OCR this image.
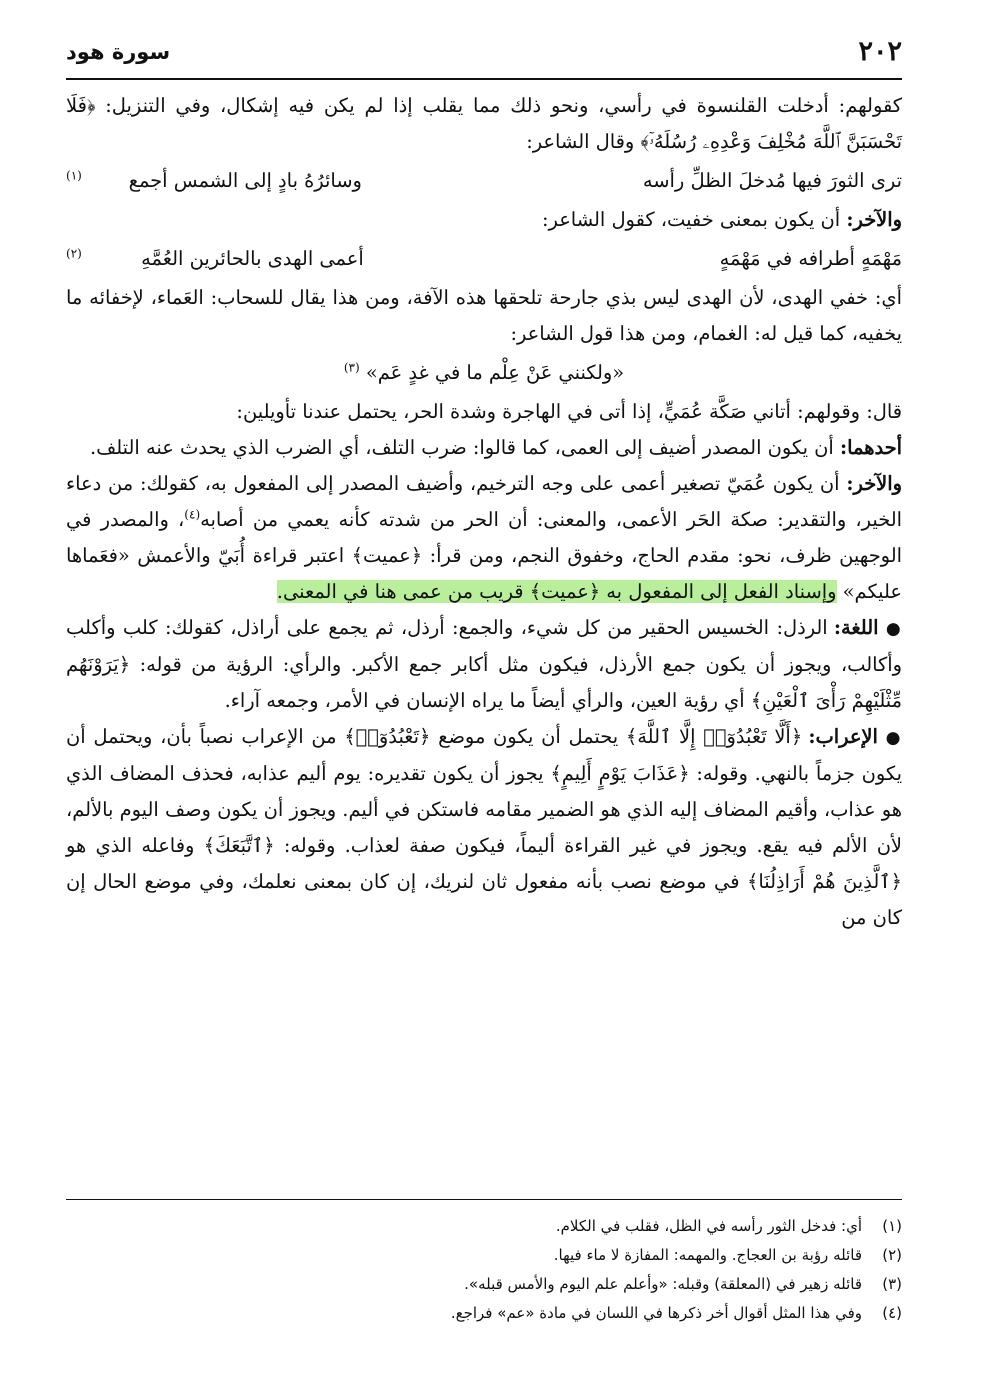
٢٠٢
سورة هود

كقولهم: أدخلت القلنسوة في رأسي، ونحو ذلك مما يقلب إذا لم يكن فيه إشكال، وفي التنزيل: ﴿فَلَا تَحْسَبَنَّ ٱللَّهَ مُخْلِفَ وَعْدِهِۦ رُسُلَهُۥٓ﴾ وقال الشاعر:

ترى الثورَ فيها مُدخلَ الظلِّ رأسه      وسائرُهُ بادٍ إلى الشمس أجمع $^{(١)}$

والآخر: أن يكون بمعنى خفيت، كقول الشاعر:

مَهْمَهٍ أطرافه في مَهْمَهٍ      أعمى الهدى بالحائرين العُمَّهِ $^{(٢)}$

أي: خفي الهدى، لأن الهدى ليس بذي جارحة تلحقها هذه الآفة، ومن هذا يقال للسحاب: العَماء، لإخفائه ما يخفيه، كما قيل له: الغمام، ومن هذا قول الشاعر:

«ولكنني عَنْ عِلْم ما في غدٍ عَم» $^{(٣)}$

قال: وقولهم: أتاني صَكَّة عُمَيٍّ، إذا أتى في الهاجرة وشدة الحر، يحتمل عندنا تأويلين:

أحدهما: أن يكون المصدر أضيف إلى العمى، كما قالوا: ضرب التلف، أي الضرب الذي يحدث عنه التلف.

والآخر: أن يكون عُمَيّ تصغير أعمى على وجه الترخيم، وأضيف المصدر إلى المفعول به، كقولك: من دعاء الخير، والتقدير: صكة الحَر الأعمى، والمعنى: أن الحر من شدته كأنه يعمي من أصابه$^{(٤)}$، والمصدر في الوجهين ظرف، نحو: مقدم الحاج، وخفوق النجم، ومن قرأ: ﴿عميت﴾ اعتبر قراءة أُبَيّ والأعمش «فعَماها عليكم» وإسناد الفعل إلى المفعول به ﴿عميت﴾ قريب من عمى هنا في المعنى.

● اللغة: الرذل: الخسيس الحقير من كل شيء، والجمع: أرذل، ثم يجمع على أراذل، كقولك: كلب وأكلب وأكالب، ويجوز أن يكون جمع الأرذل، فيكون مثل أكابر جمع الأكبر. والرأي: الرؤية من قوله: ﴿يَرَوْنَهُم مِّثْلَيْهِمْ رَأْىَ ٱلْعَيْنِ﴾ أي رؤية العين، والرأي أيضاً ما يراه الإنسان في الأمر، وجمعه آراء.

● الإعراب: ﴿أَلَّا تَعْبُدُوٓا۟ إِلَّا ٱللَّهَ﴾ يحتمل أن يكون موضع ﴿تَعْبُدُوٓا۟﴾ من الإعراب نصباً بأن، ويحتمل أن يكون جزماً بالنهي. وقوله: ﴿عَذَابَ يَوْمٍ أَلِيمٍ﴾ يجوز أن يكون تقديره: يوم أليم عذابه، فحذف المضاف الذي هو عذاب، وأقيم المضاف إليه الذي هو الضمير مقامه فاستكن في أليم. ويجوز أن يكون وصف اليوم بالألم، لأن الألم فيه يقع. ويجوز في غير القراءة أليماً، فيكون صفة لعذاب. وقوله: ﴿ٱتَّبَعَكَ﴾ وفاعله الذي هو ﴿ٱلَّذِينَ هُمْ أَرَاذِلُنَا﴾ في موضع نصب بأنه مفعول ثان لنريك، إن كان بمعنى نعلمك، وفي موضع الحال إن كان من

(١)أي: فدخل الثور رأسه في الظل، فقلب في الكلام.
(٢)قائله رؤبة بن العجاج. والمهمه: المفازة لا ماء فيها.
(٣)قائله زهير في (المعلقة) وقبله: «وأعلم علم اليوم والأمس قبله».
(٤)وفي هذا المثل أقوال أخر ذكرها في اللسان في مادة «عم» فراجع.
